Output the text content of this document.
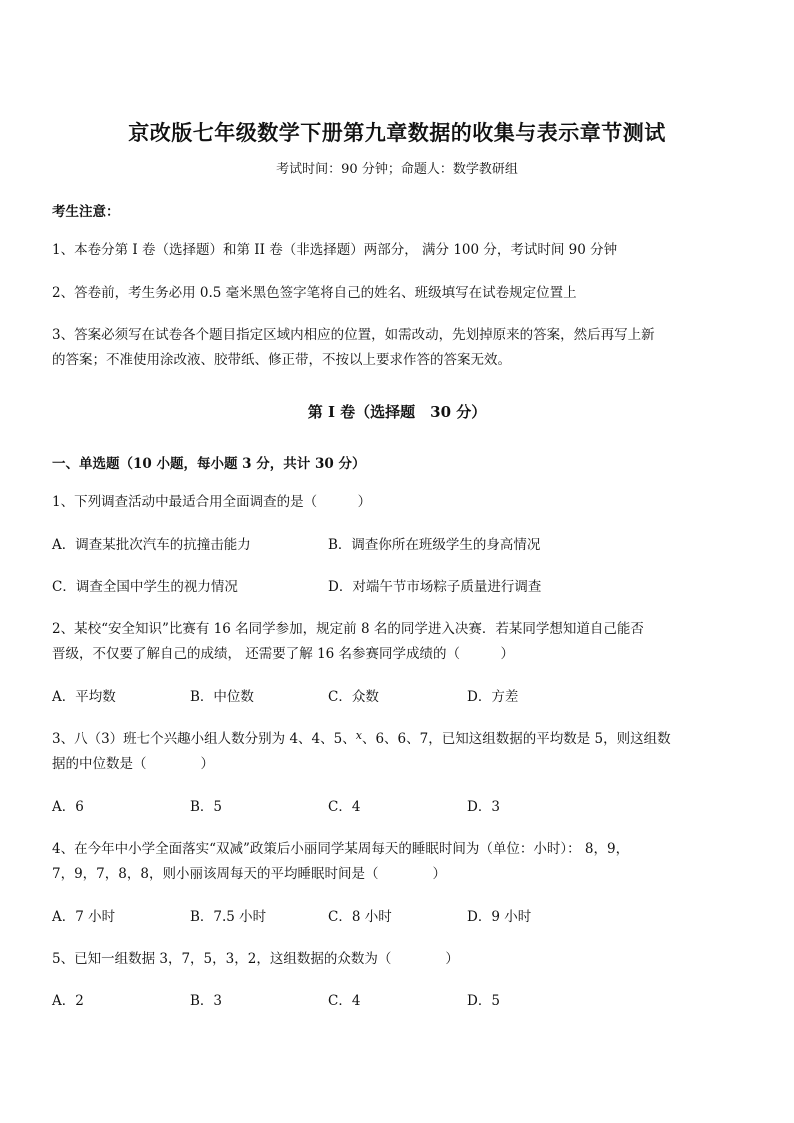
京改版七年级数学下册第九章数据的收集与表示章节测试
考试时间：90 分钟；命题人：数学教研组
考生注意：
1、本卷分第 I 卷（选择题）和第 II 卷（非选择题）两部分， 满分 100 分，考试时间 90 分钟
2、答卷前，考生务必用 0.5 毫米黑色签字笔将自己的姓名、班级填写在试卷规定位置上
3、答案必须写在试卷各个题目指定区域内相应的位置，如需改动，先划掉原来的答案，然后再写上新
的答案；不准使用涂改液、胶带纸、修正带，不按以上要求作答的答案无效。
第 I 卷（选择题　30 分）
一、单选题（10 小题，每小题 3 分，共计 30 分）
1、下列调查活动中最适合用全面调查的是（　　　）
A．调查某批次汽车的抗撞击能力	B．调查你所在班级学生的身高情况
C．调查全国中学生的视力情况	D．对端午节市场粽子质量进行调查
2、某校“安全知识”比赛有 16 名同学参加，规定前 8 名的同学进入决赛．若某同学想知道自己能否
晋级，不仅要了解自己的成绩， 还需要了解 16 名参赛同学成绩的（　　　）
A．平均数	B．中位数	C．众数	D．方差
3、八（3）班七个兴趣小组人数分别为 4、4、5、$^x$、6、6、7，已知这组数据的平均数是 5，则这组数
据的中位数是（　　　　）
A．6	B．5	C．4	D．3
4、在今年中小学全面落实“双减”政策后小丽同学某周每天的睡眠时间为（单位：小时）： 8，9，
7，9，7，8，8，则小丽该周每天的平均睡眠时间是（　　　　）
A．7 小时	B．7.5 小时	C．8 小时	D．9 小时
5、已知一组数据 3，7，5，3，2，这组数据的众数为（　　　　）
A．2	B．3	C．4	D．5
